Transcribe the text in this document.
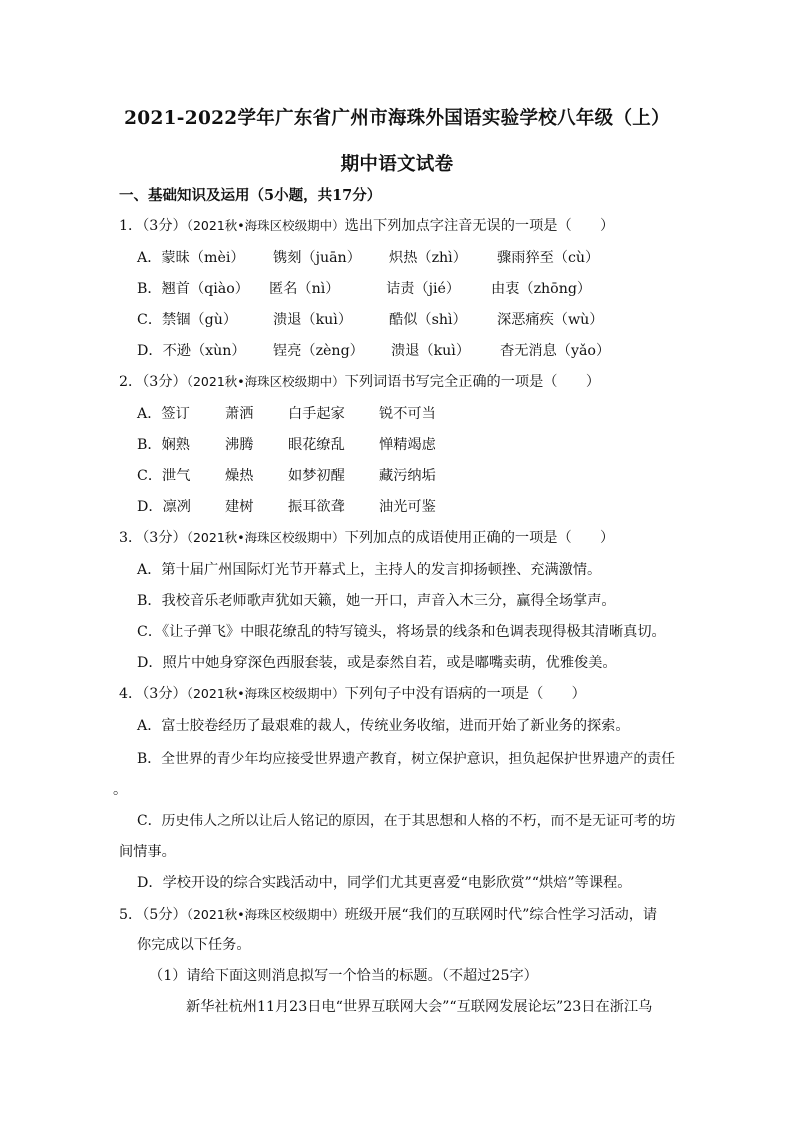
2021-2022学年广东省广州市海珠外国语实验学校八年级（上）
期中语文试卷
一、基础知识及运用（5小题，共17分）
1．（3分）（2021秋•海珠区校级期中）选出下列加点字注音无误的一项是（　　）
A．蒙昧（mèi） 镌刻（juān） 炽热（zhì） 骤雨猝至（cù）
B．翘首（qiào） 匿名（nì）	诘责（jié） 由衷（zhōng）
C．禁锢（gù）	溃退（kuì）	酷似（shì） 深恶痛疾（wù）
D．不逊（xùn） 锃亮（zèng） 溃退（kuì） 杳无消息（yǎo）
2．（3分）（2021秋•海珠区校级期中）下列词语书写完全正确的一项是（　　）
A．签订 萧洒 白手起家 锐不可当
B．娴熟 沸腾 眼花缭乱 惮精竭虑
C．泄气 燥热 如梦初醒 藏污纳垢
D．凛冽 建树 振耳欲聋 油光可鉴
3．（3分）（2021秋•海珠区校级期中）下列加点的成语使用正确的一项是（　　）
A．第十届广州国际灯光节开幕式上，主持人的发言抑扬顿挫、充满激情。
B．我校音乐老师歌声犹如天籁，她一开口，声音入木三分，赢得全场掌声。
C．《让子弹飞》中眼花缭乱的特写镜头，将场景的线条和色调表现得极其清晰真切。
D．照片中她身穿深色西服套装，或是泰然自若，或是嘟嘴卖萌，优雅俊美。
4．（3分）（2021秋•海珠区校级期中）下列句子中没有语病的一项是（　　）
A．富士胶卷经历了最艰难的裁人，传统业务收缩，进而开始了新业务的探索。
B．全世界的青少年均应接受世界遗产教育，树立保护意识，担负起保护世界遗产的责任
。
C．历史伟人之所以让后人铭记的原因，在于其思想和人格的不朽，而不是无证可考的坊
间情事。
D．学校开设的综合实践活动中，同学们尤其更喜爱“电影欣赏”“烘焙”等课程。
5．（5分）（2021秋•海珠区校级期中）班级开展“我们的互联网时代”综合性学习活动，请
你完成以下任务。
（1）请给下面这则消息拟写一个恰当的标题。（不超过25字）
新华社杭州11月23日电“世界互联网大会”“互联网发展论坛”23日在浙江乌
